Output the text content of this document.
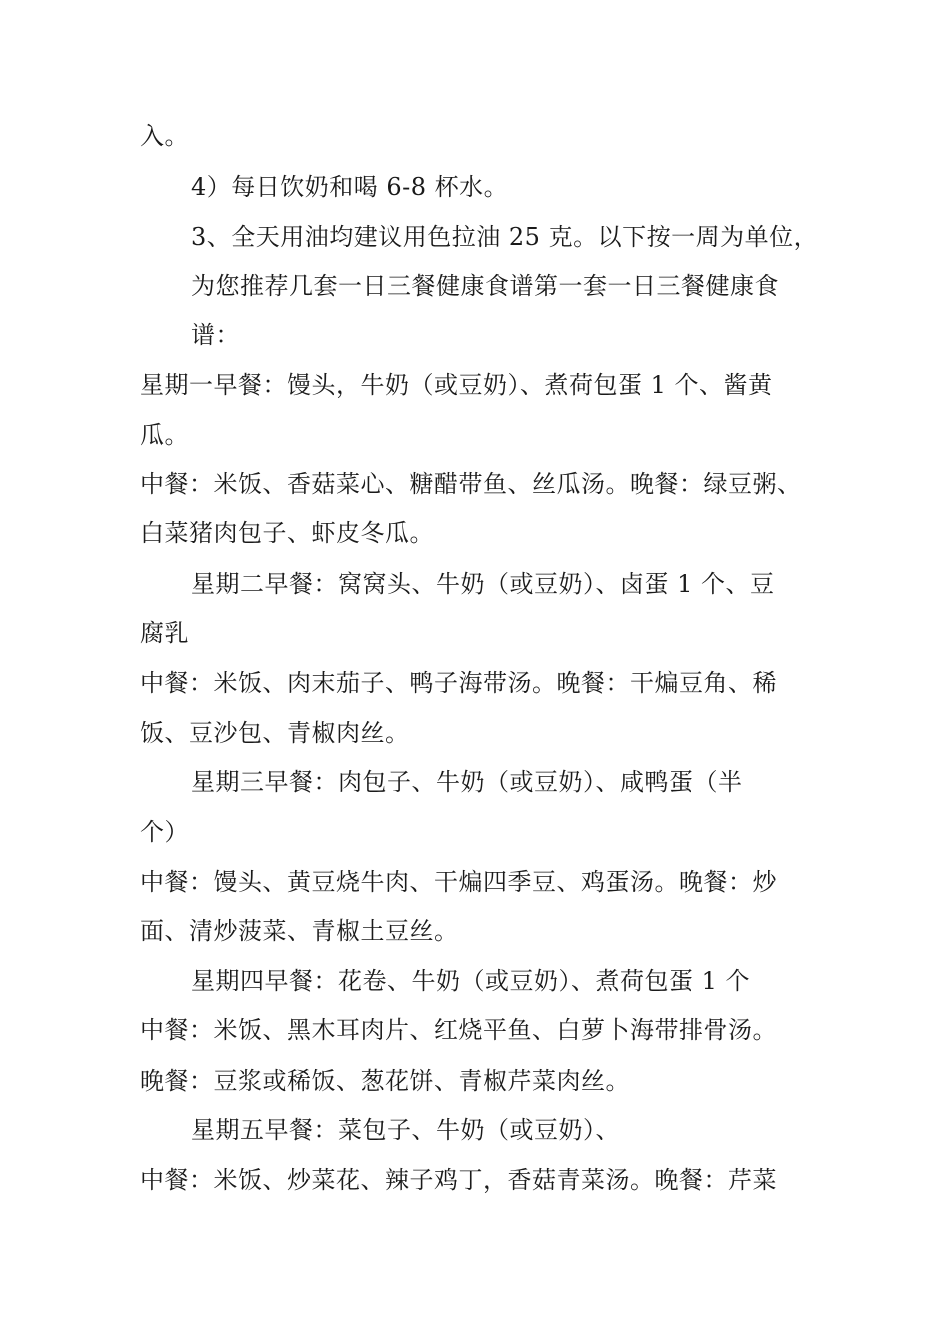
入。
4）每日饮奶和喝 6-8 杯水。
3、全天用油均建议用色拉油 25 克。以下按一周为单位，
为您推荐几套一日三餐健康食谱第一套一日三餐健康食
谱：
星期一早餐：馒头，牛奶（或豆奶）、煮荷包蛋 1 个、酱黄
瓜。
中餐：米饭、香菇菜心、糖醋带鱼、丝瓜汤。晚餐：绿豆粥、
白菜猪肉包子、虾皮冬瓜。
星期二早餐：窝窝头、牛奶（或豆奶）、卤蛋 1 个、豆
腐乳
中餐：米饭、肉末茄子、鸭子海带汤。晚餐：干煸豆角、稀
饭、豆沙包、青椒肉丝。
星期三早餐：肉包子、牛奶（或豆奶）、咸鸭蛋（半
个）
中餐：馒头、黄豆烧牛肉、干煸四季豆、鸡蛋汤。晚餐：炒
面、清炒菠菜、青椒土豆丝。
星期四早餐：花卷、牛奶（或豆奶）、煮荷包蛋 1 个
中餐：米饭、黑木耳肉片、红烧平鱼、白萝卜海带排骨汤。
晚餐：豆浆或稀饭、葱花饼、青椒芹菜肉丝。
星期五早餐：菜包子、牛奶（或豆奶）、
中餐：米饭、炒菜花、辣子鸡丁，香菇青菜汤。晚餐：芹菜
